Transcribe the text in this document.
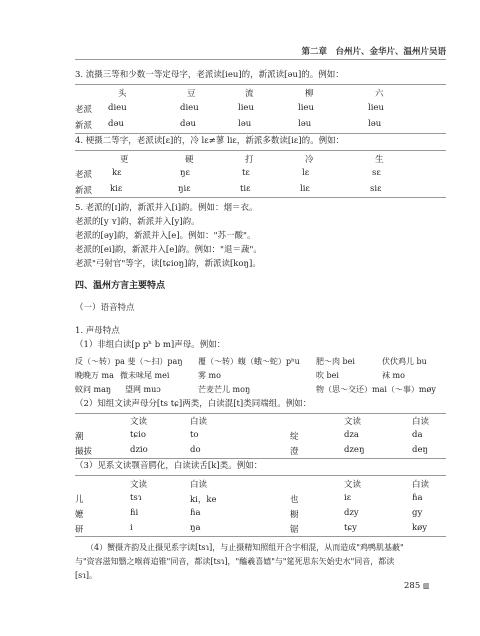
第二章　台州片、金华片、温州片吴语
3. 流摄三等和少数一等定母字，老派读[ieu]的，新派读[əu]的。例如：
头	豆	流	柳	六
老派 dieu	dieu	lieu	lieu	lieu
新派 dəu	dəu	ləu	ləu	ləu
4. 梗摄二等字，老派读[ɛ]的，冷 lɛ≠蓼 liɛ，新派多数读[iɛ]的。例如：
更	硬	打	冷	生
老派 kɛ	ŋɛ	tɛ	lɛ	sɛ
新派 kiɛ	ŋiɛ	tiɛ	liɛ	siɛ
5. 老派的[ɪ]韵，新派并入[i]韵。例如：烟＝衣。
老派的[y ʏ]韵，新派并入[y]韵。
老派的[əy]韵，新派并入[e]。例如："苏一酸"。
老派的[ei]韵，新派并入[e]韵。例如："退＝蔬"。
老派"弓射官"等字，读[tɕioŋ]韵，新派读[koŋ]。
四、温州方言主要特点
（一）语音特点
1. 声母特点
（1）非组白读[p pʰ b m]声母。例如：
反（～转）pa 斐（～扫）paŋ 覆（～转）蝮（蛾～蛇）pʰu 肥～肉 bei	伏伏鸡儿 bu
晚晚万 ma 微未味尾 mei	雾 mo	吹 bei	袜 mo
蚊问 maŋ 望网 muɔ	芒麦芒儿 moŋ	物（思～交还）mai（～事）møy
（2）知组文读声母分[ts tɕ]两类，白读混[t]类同端组。例如：
文读	白读	文读	白读
潮	tɕio	to	绽	dza	da
撮拔	dzio	do	澄	dzeŋ	deŋ
（3）见系文读颚音腭化，白读读舌[k]类。例如：
文读	白读	文读	白读
儿	tsɿ	ki，ke	也	iɛ	ɦa
嬷	ɦi	ɦa	橱	dzy	gy
研	i	ŋa	锯	tɕy	køy
（4）蟹摄齐韵及止摄见系字读[tsɿ]，与止摄精知照组开合字相混，从而造成"鸡鸭肌基蔽"
与"资容滋知翳之喉蒋追锥"同音，都读[tsɿ]，"醯羲喜嬉"与"筵死思东矢始史水"同音，都读
[sɿ]。
285 ▥
